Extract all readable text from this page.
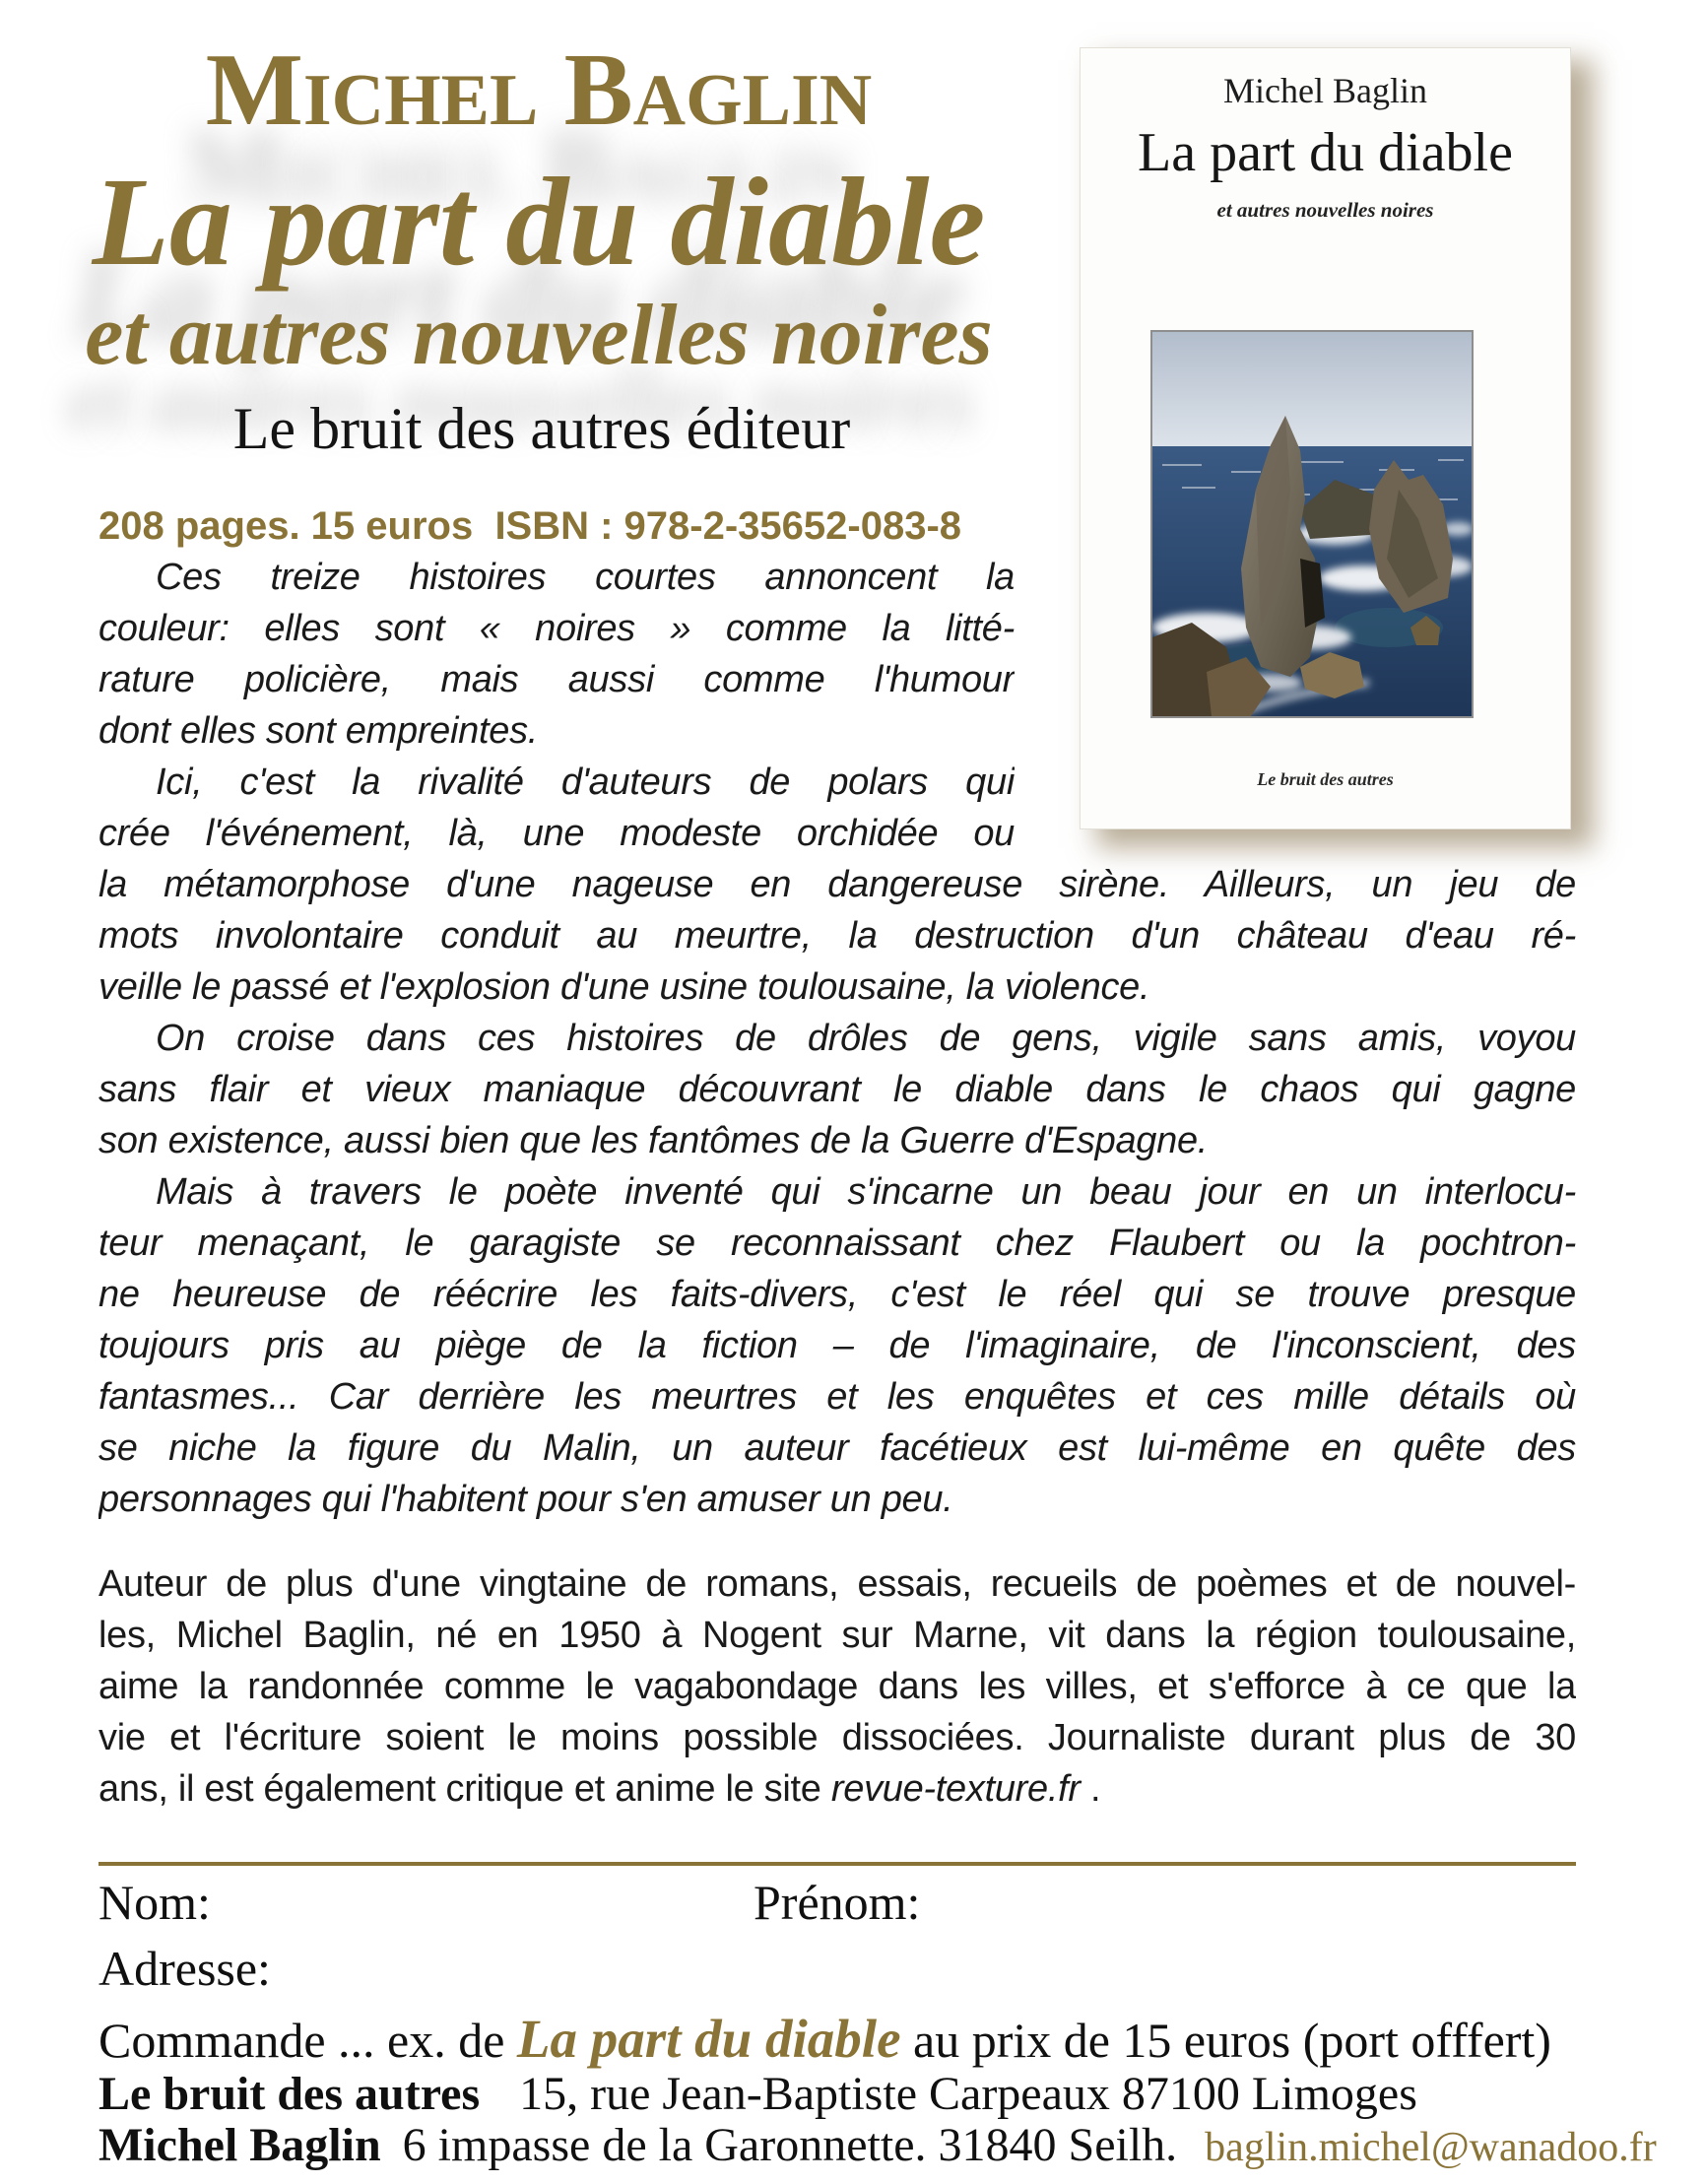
Michel Baglin
La part du diable
et autres nouvelles noires
Le bruit des autres éditeur
208 pages. 15 euros  ISBN : 978-2-35652-083-8
Michel Baglin
La part du diable
et autres nouvelles noires
Le bruit des autres
Ces treize histoires courtes annoncent la
couleur: elles sont « noires » comme la litté-
rature policière, mais aussi comme l'humour
dont elles sont empreintes.
Ici, c'est la rivalité d'auteurs de polars qui
crée l'événement, là, une modeste orchidée ou
la métamorphose d'une nageuse en dangereuse sirène. Ailleurs, un jeu de
mots involontaire conduit au meurtre, la destruction d'un château d'eau ré-
veille le passé et l'explosion d'une usine toulousaine, la violence.
On croise dans ces histoires de drôles de gens, vigile sans amis, voyou
sans flair et vieux maniaque découvrant le diable dans le chaos qui gagne
son existence, aussi bien que les fantômes de la Guerre d'Espagne.
Mais à travers le poète inventé qui s'incarne un beau jour en un interlocu-
teur menaçant, le garagiste se reconnaissant chez Flaubert ou la pochtron-
ne heureuse de réécrire les faits-divers, c'est le réel qui se trouve presque
toujours pris au piège de la fiction – de l'imaginaire, de l'inconscient, des
fantasmes... Car derrière les meurtres et les enquêtes et ces mille détails où
se niche la figure du Malin, un auteur facétieux est lui-même en quête des
personnages qui l'habitent pour s'en amuser un peu.
Auteur de plus d'une vingtaine de romans, essais, recueils de poèmes et de nouvel-
les, Michel Baglin, né en 1950 à Nogent sur Marne, vit dans la région toulousaine,
aime la randonnée comme le vagabondage dans les villes, et s'efforce à ce que la
vie et l'écriture soient le moins possible dissociées. Journaliste durant plus de 30
ans, il est également critique et anime le site revue-texture.fr .
Nom:	Prénom:
Adresse:
Commande ... ex. de La part du diable au prix de 15 euros (port offfert)
Le bruit des autres 15, rue Jean-Baptiste Carpeaux 87100 Limoges
Michel Baglin 6 impasse de la Garonnette. 31840 Seilh. baglin.michel@wanadoo.fr
